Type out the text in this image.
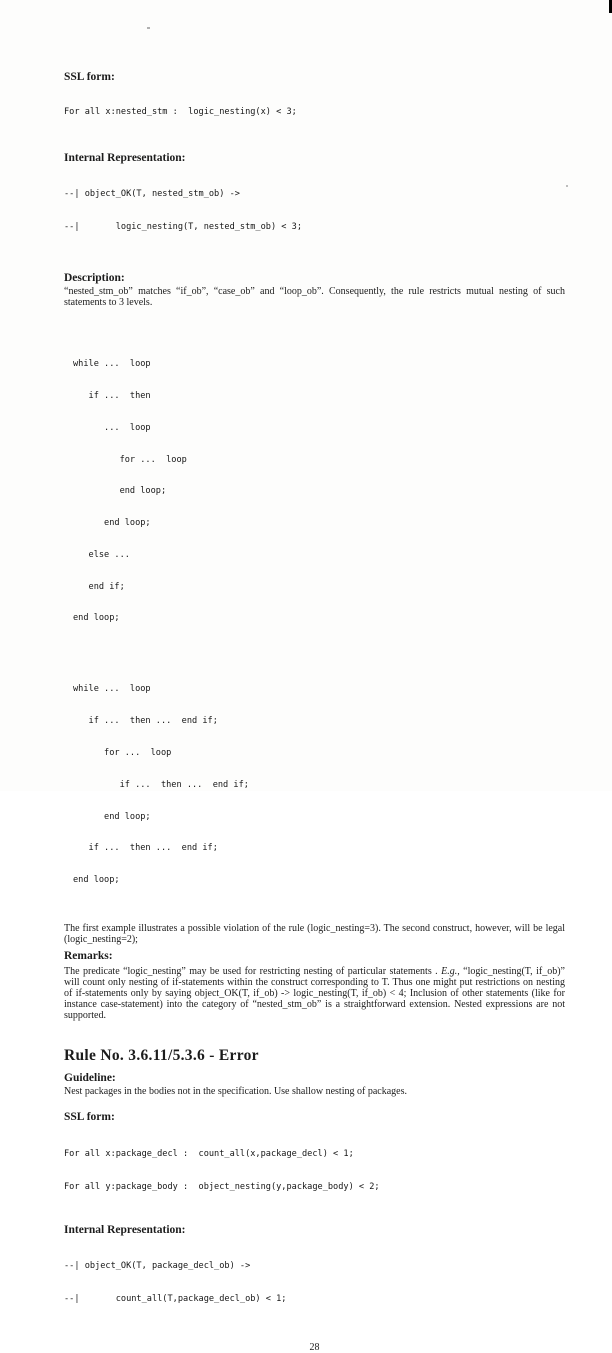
SSL form:

For all x:nested_stm :  logic_nesting(x) < 3;

Internal Representation:

--| object_OK(T, nested_stm_ob) ->

--|       logic_nesting(T, nested_stm_ob) < 3;

Description:

“nested_stm_ob” matches “if_ob”, “case_ob” and “loop_ob”. Consequently, the rule restricts mutual nesting of such statements to 3 levels.

while ...  loop

if ...  then

...  loop

for ...  loop

end loop;

end loop;

else ...

end if;

end loop;

while ...  loop

if ...  then ...  end if;

for ...  loop

if ...  then ...  end if;

end loop;

if ...  then ...  end if;

end loop;

The first example illustrates a possible violation of the rule (logic_nesting=3). The second construct, however, will be legal (logic_nesting=2);

Remarks:

The predicate “logic_nesting” may be used for restricting nesting of particular statements . E.g., “logic_nesting(T, if_ob)” will count only nesting of if-statements within the construct corresponding to T. Thus one might put restrictions on nesting of if-statements only by saying object_OK(T, if_ob) -> logic_nesting(T, if_ob) < 4; Inclusion of other statements (like for instance case-statement) into the category of “nested_stm_ob” is a straightforward extension. Nested expressions are not supported.

Rule No. 3.6.11/5.3.6 - Error
Guideline:

Nest packages in the bodies not in the specification. Use shallow nesting of packages.

SSL form:

For all x:package_decl :  count_all(x,package_decl) < 1;

For all y:package_body :  object_nesting(y,package_body) < 2;

Internal Representation:

--| object_OK(T, package_decl_ob) ->

--|       count_all(T,package_decl_ob) < 1;

28
